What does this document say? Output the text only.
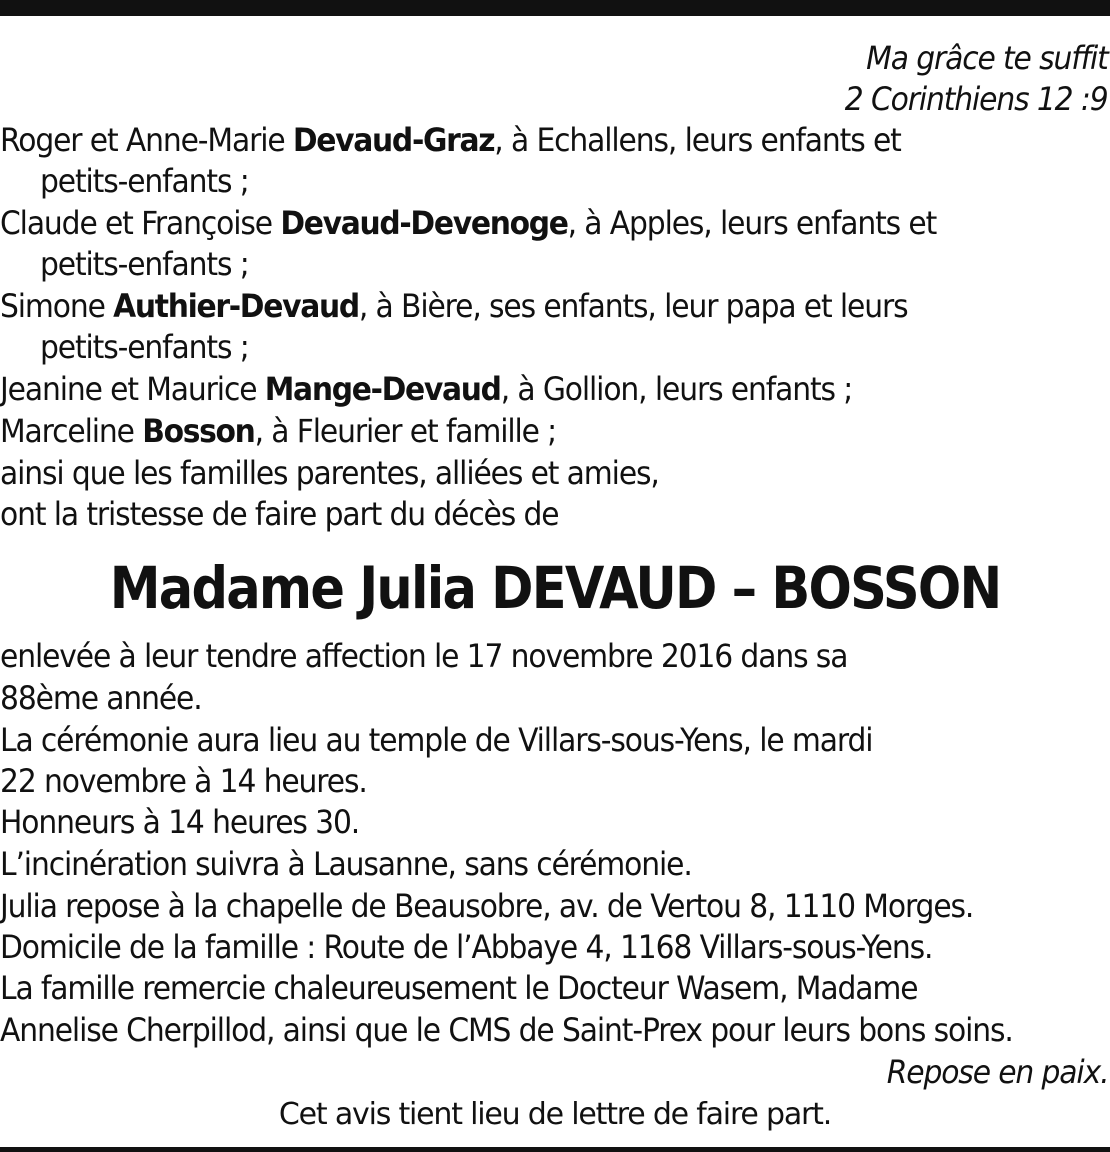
Ma grâce te suffit
2 Corinthiens 12 :9
Roger et Anne-Marie Devaud-Graz, à Echallens, leurs enfants et
petits-enfants ;
Claude et Françoise Devaud-Devenoge, à Apples, leurs enfants et
petits-enfants ;
Simone Authier-Devaud, à Bière, ses enfants, leur papa et leurs
petits-enfants ;
Jeanine et Maurice Mange-Devaud, à Gollion, leurs enfants ;
Marceline Bosson, à Fleurier et famille ;
ainsi que les familles parentes, alliées et amies,
ont la tristesse de faire part du décès de
Madame Julia DEVAUD – BOSSON
enlevée à leur tendre affection le 17 novembre 2016 dans sa
88ème année.
La cérémonie aura lieu au temple de Villars-sous-Yens, le mardi
22 novembre à 14 heures.
Honneurs à 14 heures 30.
L’incinération suivra à Lausanne, sans cérémonie.
Julia repose à la chapelle de Beausobre, av. de Vertou 8, 1110 Morges.
Domicile de la famille : Route de l’Abbaye 4, 1168 Villars-sous-Yens.
La famille remercie chaleureusement le Docteur Wasem, Madame
Annelise Cherpillod, ainsi que le CMS de Saint-Prex pour leurs bons soins.
Repose en paix.
Cet avis tient lieu de lettre de faire part.
